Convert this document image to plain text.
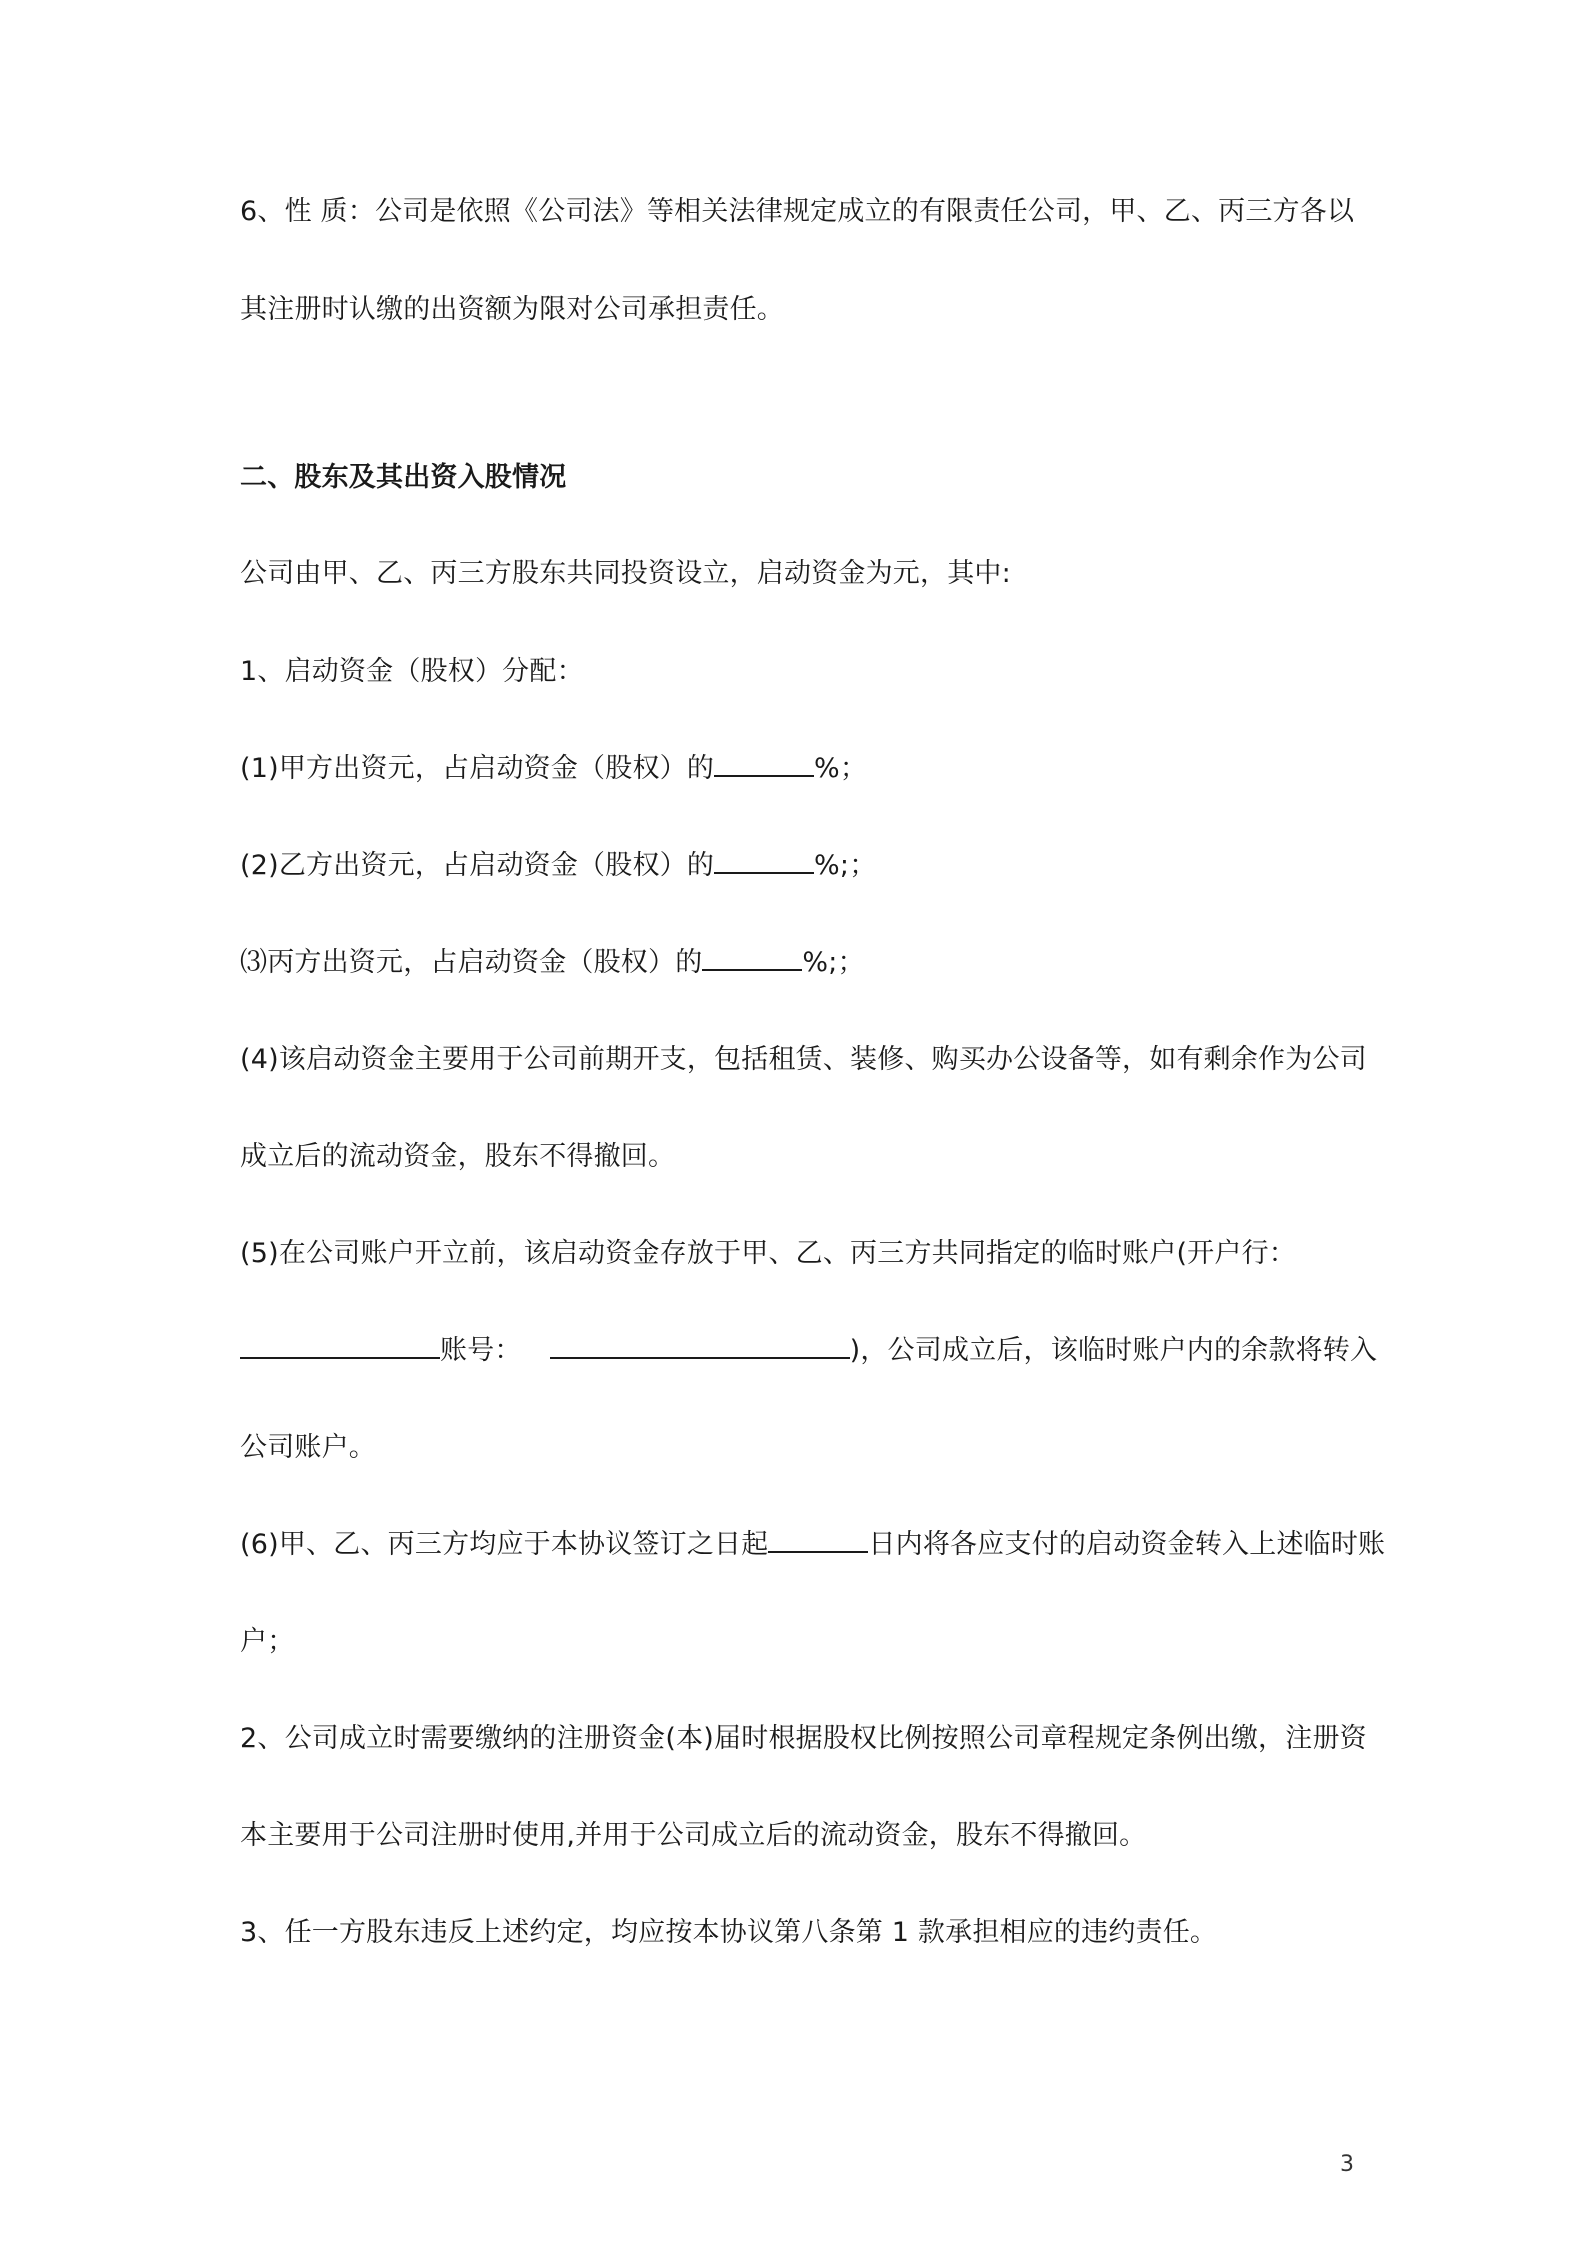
6、性 质：公司是依照《公司法》等相关法律规定成立的有限责任公司，甲、乙、丙三方各以
其注册时认缴的出资额为限对公司承担责任。
二、股东及其出资入股情况
公司由甲、乙、丙三方股东共同投资设立，启动资金为元，其中:
1、启动资金（股权）分配：
(1)甲方出资元，占启动资金（股权）的	%；
(2)乙方出资元，占启动资金（股权）的	%;；
⑶丙方出资元，占启动资金（股权）的	%;；
(4)该启动资金主要用于公司前期开支，包括租赁、装修、购买办公设备等，如有剩余作为公司
成立后的流动资金，股东不得撤回。
(5)在公司账户开立前，该启动资金存放于甲、乙、丙三方共同指定的临时账户(开户行：
账号：	)，公司成立后，该临时账户内的余款将转入
公司账户。
(6)甲、乙、丙三方均应于本协议签订之日起	日内将各应支付的启动资金转入上述临时账
户；
2、公司成立时需要缴纳的注册资金(本)届时根据股权比例按照公司章程规定条例出缴，注册资
本主要用于公司注册时使用,并用于公司成立后的流动资金，股东不得撤回。
3、任一方股东违反上述约定，均应按本协议第八条第 1 款承担相应的违约责任。
3
